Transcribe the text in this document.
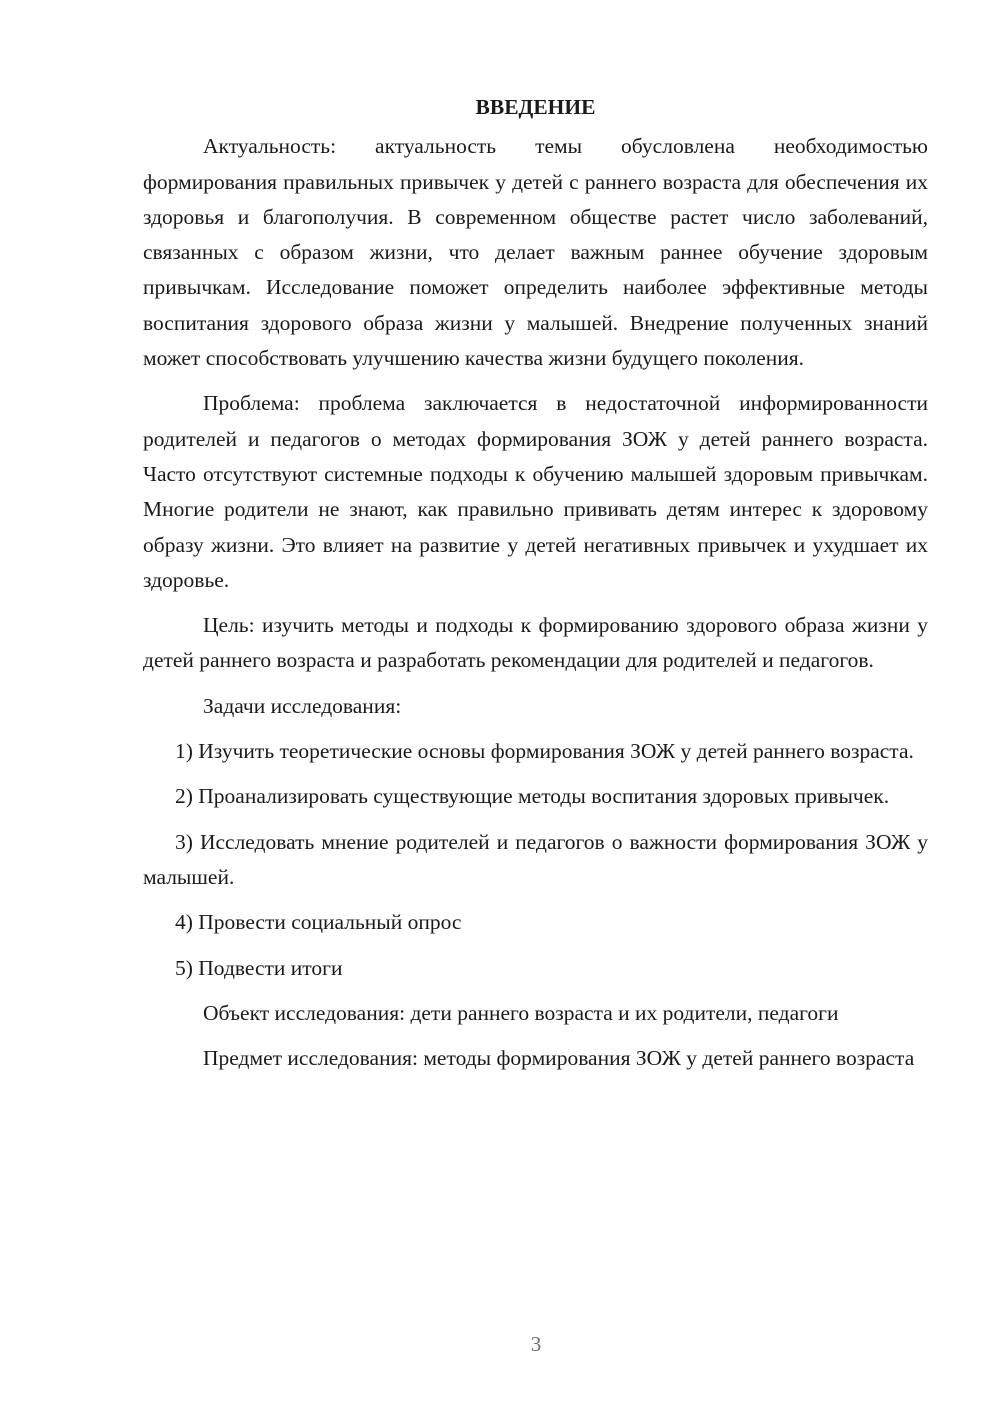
ВВЕДЕНИЕ

Актуальность: актуальность темы обусловлена необходимостью формирования правильных привычек у детей с раннего возраста для обеспечения их здоровья и благополучия. В современном обществе растет число заболеваний, связанных с образом жизни, что делает важным раннее обучение здоровым привычкам. Исследование поможет определить наиболее эффективные методы воспитания здорового образа жизни у малышей. Внедрение полученных знаний может способствовать улучшению качества жизни будущего поколения.

Проблема: проблема заключается в недостаточной информированности родителей и педагогов о методах формирования ЗОЖ у детей раннего возраста. Часто отсутствуют системные подходы к обучению малышей здоровым привычкам. Многие родители не знают, как правильно прививать детям интерес к здоровому образу жизни. Это влияет на развитие у детей негативных привычек и ухудшает их здоровье.

Цель: изучить методы и подходы к формированию здорового образа жизни у детей раннего возраста и разработать рекомендации для родителей и педагогов.

Задачи исследования:

1) Изучить теоретические основы формирования ЗОЖ у детей раннего возраста.

2) Проанализировать существующие методы воспитания здоровых привычек.

3) Исследовать мнение родителей и педагогов о важности формирования ЗОЖ у малышей.

4) Провести социальный опрос

5) Подвести итоги

Объект исследования: дети раннего возраста и их родители, педагоги

Предмет исследования: методы формирования ЗОЖ у детей раннего возраста

3
